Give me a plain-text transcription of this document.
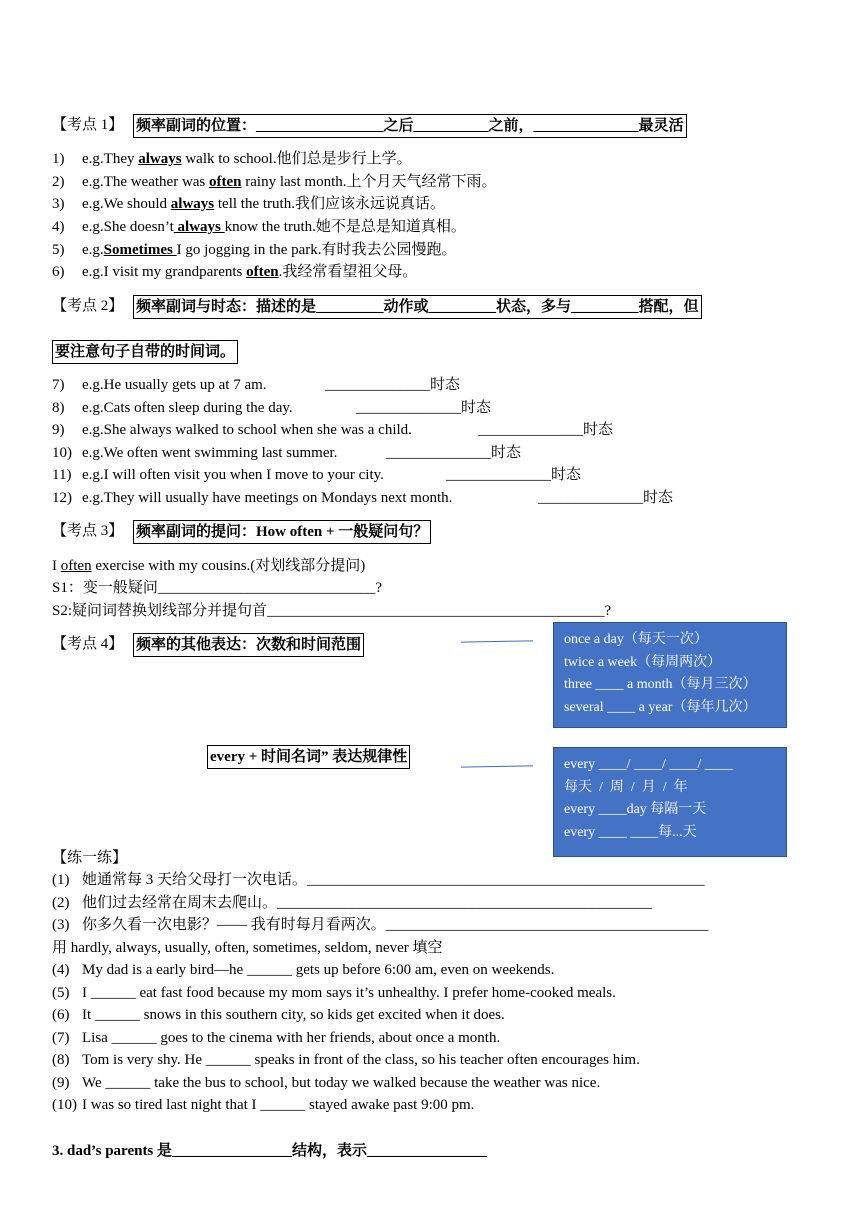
【考点 1】 频率副词的位置：_________________之后__________之前，______________最灵活
1) e.g.They always walk to school.他们总是步行上学。
2) e.g.The weather was often rainy last month.上个月天气经常下雨。
3) e.g.We should always tell the truth.我们应该永远说真话。
4) e.g.She doesn’t always know the truth.她不是总是知道真相。
5) e.g.Sometimes I go jogging in the park.有时我去公园慢跑。
6) e.g.I visit my grandparents often.我经常看望祖父母。
【考点 2】 频率副词与时态：描述的是_________动作或_________状态，多与_________搭配，但
要注意句子自带的时间词。
7) e.g.He usually gets up at 7 am.	______________时态
8) e.g.Cats often sleep during the day.	______________时态
9) e.g.She always walked to school when she was a child.	______________时态
10) e.g.We often went swimming last summer.	______________时态
11) e.g.I will often visit you when I move to your city.	______________时态
12) e.g.They will usually have meetings on Mondays next month.	______________时态
【考点 3】 频率副词的提问：How often + 一般疑问句？
I often exercise with my cousins.(对划线部分提问)
S1：变一般疑问_____________________________?
S2:疑问词替换划线部分并提句首_____________________________________________?
【考点 4】 频率的其他表达：次数和时间范围	once a day（每天一次）
twice a week（每周两次）
three ____ a month（每月三次）
several ____ a year（每年几次）
every + 时间名词” 表达规律性	every ____/ ____/ ____/ ____
每天  /  周  /  月  /  年
every ____day 每隔一天
every ____ ____每...天
【练一练】
(1) 她通常每 3 天给父母打一次电话。_____________________________________________________
(2) 他们过去经常在周末去爬山。__________________________________________________
(3) 你多久看一次电影？—— 我有时每月看两次。___________________________________________
用 hardly, always, usually, often, sometimes, seldom, never 填空
(4) My dad is a early bird—he ______ gets up before 6:00 am, even on weekends.
(5) I ______ eat fast food because my mom says it’s unhealthy. I prefer home-cooked meals.
(6) It ______ snows in this southern city, so kids get excited when it does.
(7) Lisa ______ goes to the cinema with her friends, about once a month.
(8) Tom is very shy. He ______ speaks in front of the class, so his teacher often encourages him.
(9) We ______ take the bus to school, but today we walked because the weather was nice.
(10) I was so tired last night that I ______ stayed awake past 9:00 pm.
3. dad’s parents 是________________结构，表示________________
